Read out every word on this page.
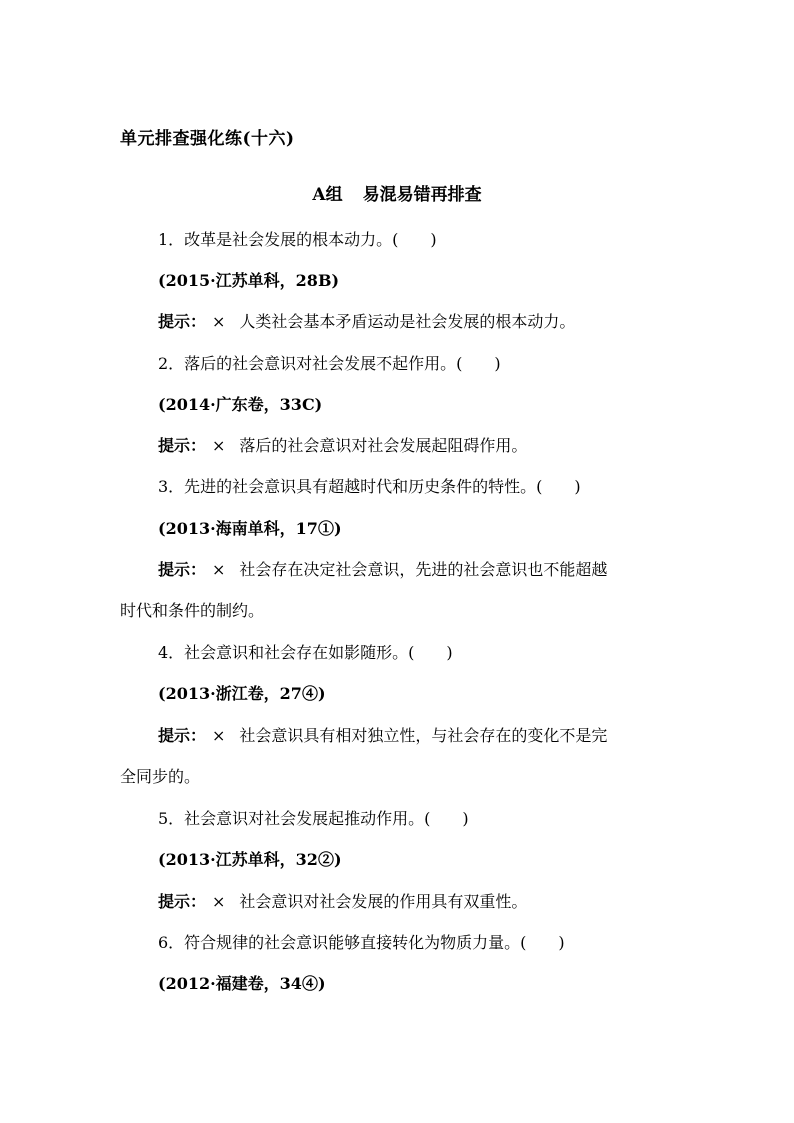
单元排查强化练(十六)
A组 易混易错再排查
1．改革是社会发展的根本动力。(　　)
(2015·江苏单科，28B)
提示： × 人类社会基本矛盾运动是社会发展的根本动力。
2．落后的社会意识对社会发展不起作用。(　　)
(2014·广东卷，33C)
提示： × 落后的社会意识对社会发展起阻碍作用。
3．先进的社会意识具有超越时代和历史条件的特性。(　　)
(2013·海南单科，17①)
提示： × 社会存在决定社会意识，先进的社会意识也不能超越
时代和条件的制约。
4．社会意识和社会存在如影随形。(　　)
(2013·浙江卷，27④)
提示： × 社会意识具有相对独立性，与社会存在的变化不是完
全同步的。
5．社会意识对社会发展起推动作用。(　　)
(2013·江苏单科，32②)
提示： × 社会意识对社会发展的作用具有双重性。
6．符合规律的社会意识能够直接转化为物质力量。(　　)
(2012·福建卷，34④)
